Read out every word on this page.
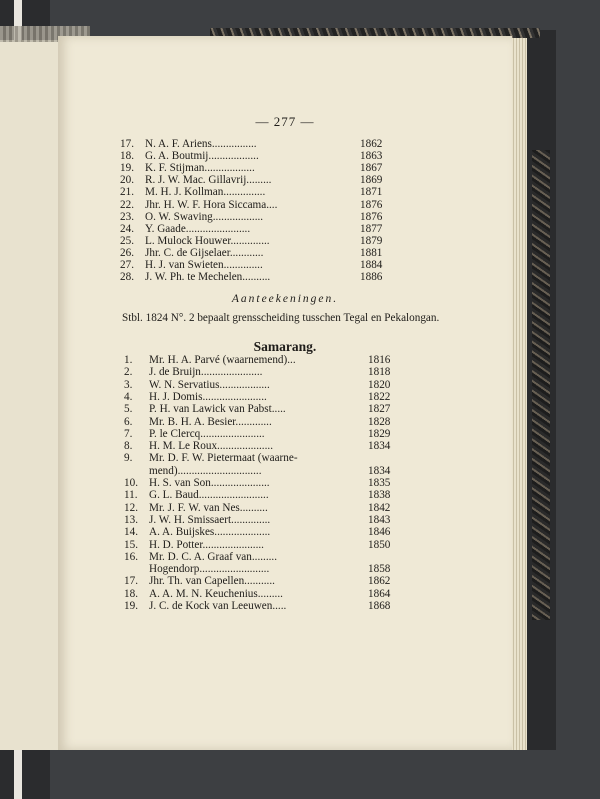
— 277 —
17. N. A. F. Ariens................	1862
18. G. A. Boutmij..................	1863
19. K. F. Stijman..................	1867
20. R. J. W. Mac. Gillavrij.........	1869
21. M. H. J. Kollman...............	1871
22. Jhr. H. W. F. Hora Siccama....	1876
23. O. W. Swaving..................	1876
24. Y. Gaade.......................	1877
25. L. Mulock Houwer..............	1879
26. Jhr. C. de Gijselaer............	1881
27. H. J. van Swieten..............	1884
28. J. W. Ph. te Mechelen..........	1886
Aanteekeningen.
Stbl. 1824 N°. 2 bepaalt grensscheiding tusschen Tegal en Pekalongan.
Samarang.
1. Mr. H. A. Parvé (waarnemend)...	1816
2. J. de Bruijn......................	1818
3. W. N. Servatius..................	1820
4. H. J. Domis.......................	1822
5. P. H. van Lawick van Pabst.....	1827
6. Mr. B. H. A. Besier.............	1828
7. P. le Clercq.......................	1829
8. H. M. Le Roux....................	1834
9. Mr. D. F. W. Pietermaat (waarne-
mend)..............................	1834
10. H. S. van Son.....................	1835
11. G. L. Baud.........................	1838
12. Mr. J. F. W. van Nes..........	1842
13. J. W. H. Smissaert..............	1843
14. A. A. Buijskes....................	1846
15. H. D. Potter......................	1850
16. Mr. D. C. A. Graaf van.........
Hogendorp.........................	1858
17. Jhr. Th. van Capellen...........	1862
18. A. A. M. N. Keuchenius.........	1864
19. J. C. de Kock van Leeuwen.....	1868
